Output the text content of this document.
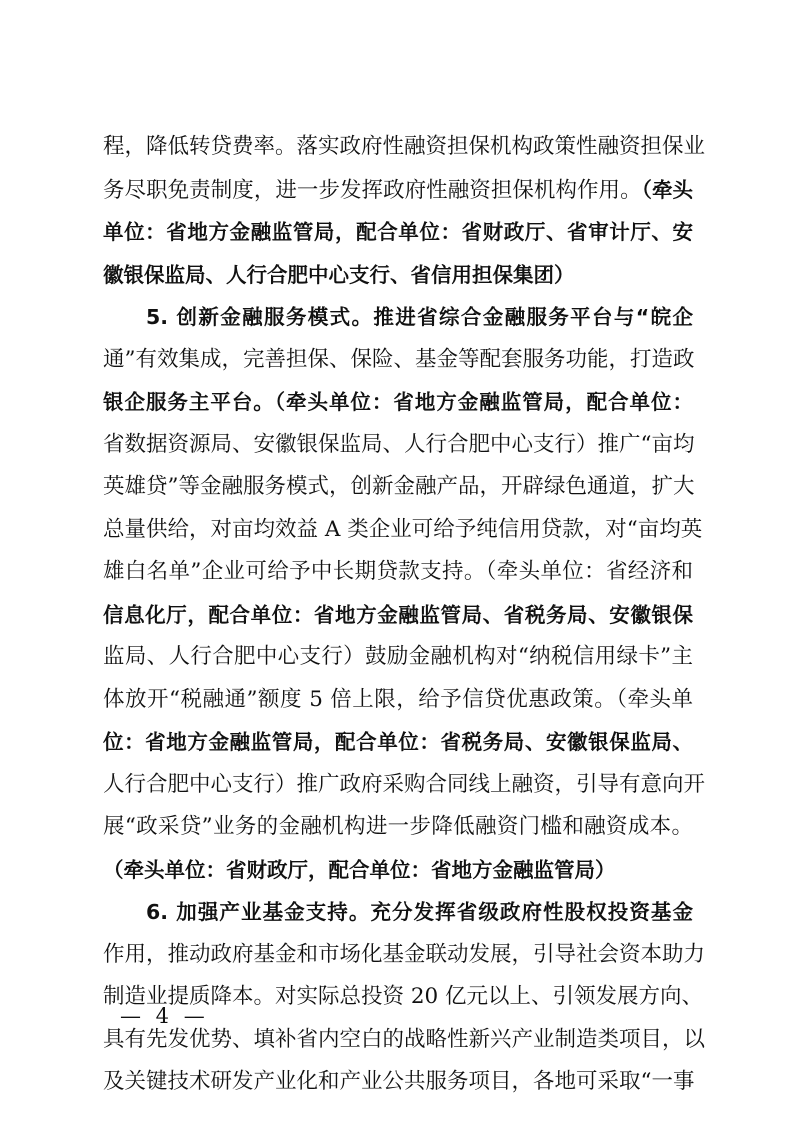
程，降低转贷费率。落实政府性融资担保机构政策性融资担保业
务尽职免责制度，进一步发挥政府性融资担保机构作用。（牵头
单位：省地方金融监管局，配合单位：省财政厅、省审计厅、安
徽银保监局、人行合肥中心支行、省信用担保集团）
5. 创新金融服务模式。推进省综合金融服务平台与“皖企
通”有效集成，完善担保、保险、基金等配套服务功能，打造政
银企服务主平台。（牵头单位：省地方金融监管局，配合单位：
省数据资源局、安徽银保监局、人行合肥中心支行）推广“亩均
英雄贷”等金融服务模式，创新金融产品，开辟绿色通道，扩大
总量供给，对亩均效益 A 类企业可给予纯信用贷款，对“亩均英
雄白名单”企业可给予中长期贷款支持。（牵头单位：省经济和
信息化厅，配合单位：省地方金融监管局、省税务局、安徽银保
监局、人行合肥中心支行）鼓励金融机构对“纳税信用绿卡”主
体放开“税融通”额度 5 倍上限，给予信贷优惠政策。（牵头单
位：省地方金融监管局，配合单位：省税务局、安徽银保监局、
人行合肥中心支行）推广政府采购合同线上融资，引导有意向开
展“政采贷”业务的金融机构进一步降低融资门槛和融资成本。
（牵头单位：省财政厅，配合单位：省地方金融监管局）
6. 加强产业基金支持。充分发挥省级政府性股权投资基金
作用，推动政府基金和市场化基金联动发展，引导社会资本助力
制造业提质降本。对实际总投资 20 亿元以上、引领发展方向、
具有先发优势、填补省内空白的战略性新兴产业制造类项目，以
及关键技术研发产业化和产业公共服务项目，各地可采取“一事
— 4 —
